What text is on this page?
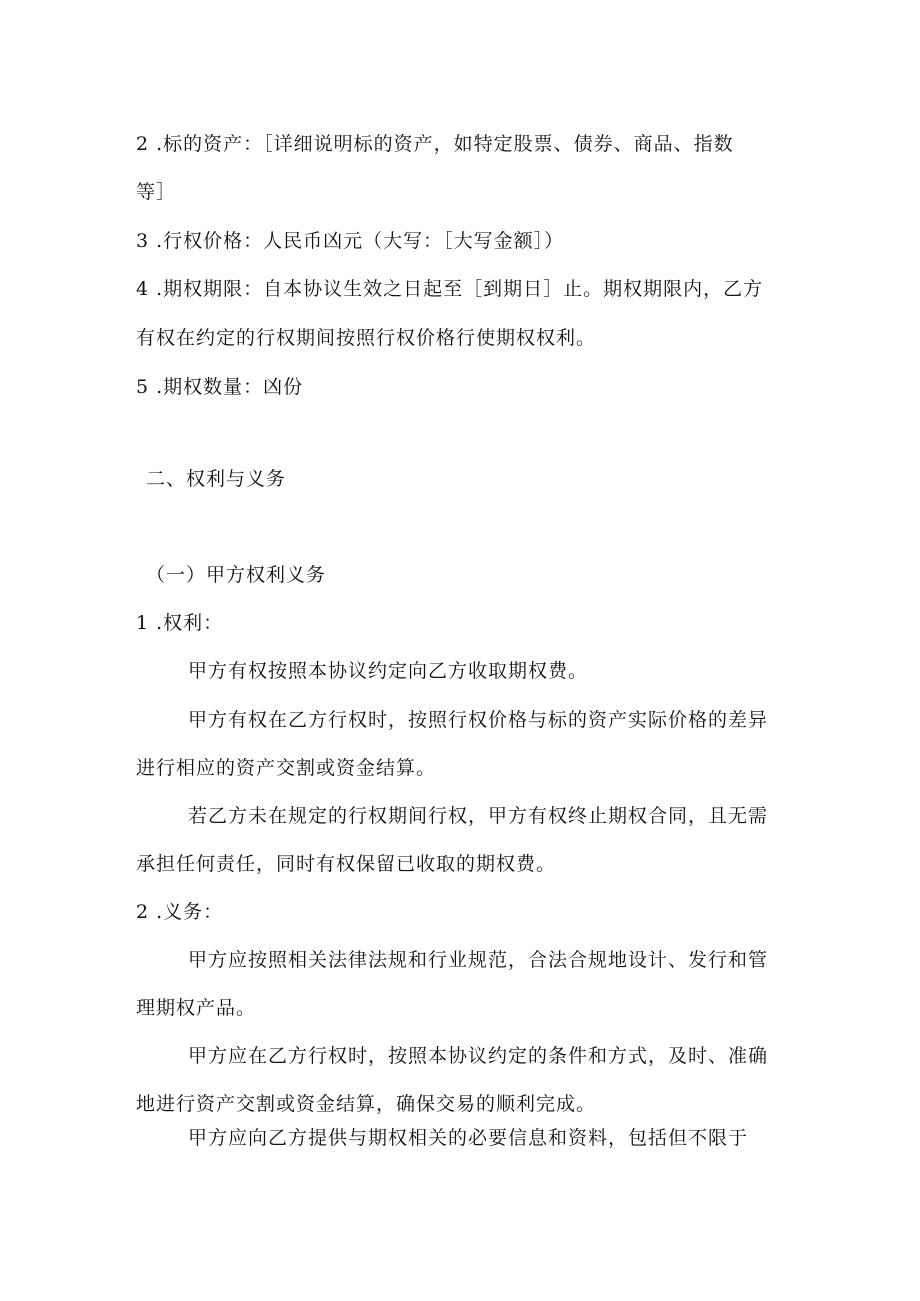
2 .标的资产：［详细说明标的资产，如特定股票、债券、商品、指数
等］
3 .行权价格：人民币凶元（大写：［大写金额］）
4 .期权期限：自本协议生效之日起至［到期日］止。期权期限内，乙方
有权在约定的行权期间按照行权价格行使期权权利。
5 .期权数量：凶份
二、权利与义务
（一）甲方权利义务
1 .权利：
甲方有权按照本协议约定向乙方收取期权费。
甲方有权在乙方行权时，按照行权价格与标的资产实际价格的差异
进行相应的资产交割或资金结算。
若乙方未在规定的行权期间行权，甲方有权终止期权合同，且无需
承担任何责任，同时有权保留已收取的期权费。
2 .义务：
甲方应按照相关法律法规和行业规范，合法合规地设计、发行和管
理期权产品。
甲方应在乙方行权时，按照本协议约定的条件和方式，及时、准确
地进行资产交割或资金结算，确保交易的顺利完成。
甲方应向乙方提供与期权相关的必要信息和资料，包括但不限于
